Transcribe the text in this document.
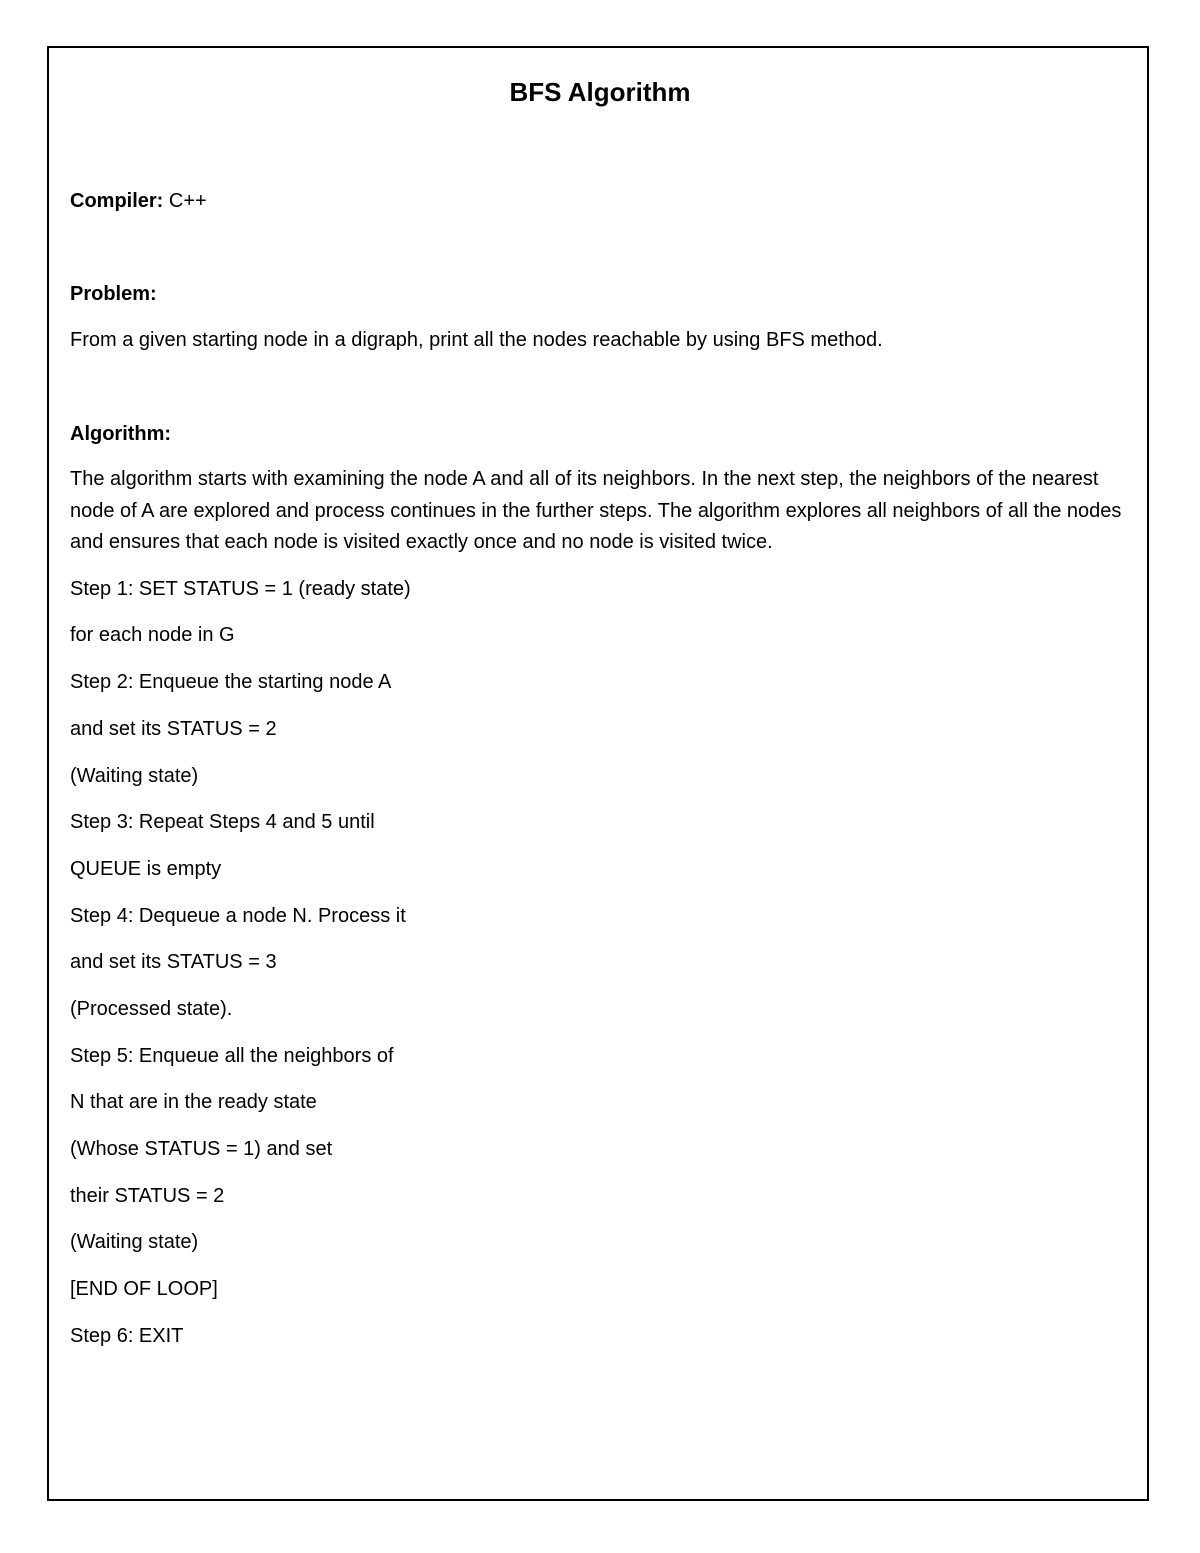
BFS Algorithm
Compiler: C++
Problem:
From a given starting node in a digraph, print all the nodes reachable by using BFS method.
Algorithm:
The algorithm starts with examining the node A and all of its neighbors. In the next step, the neighbors of the nearest node of A are explored and process continues in the further steps. The algorithm explores all neighbors of all the nodes and ensures that each node is visited exactly once and no node is visited twice.
Step 1: SET STATUS = 1 (ready state)
for each node in G
Step 2: Enqueue the starting node A
and set its STATUS = 2
(Waiting state)
Step 3: Repeat Steps 4 and 5 until
QUEUE is empty
Step 4: Dequeue a node N. Process it
and set its STATUS = 3
(Processed state).
Step 5: Enqueue all the neighbors of
N that are in the ready state
(Whose STATUS = 1) and set
their STATUS = 2
(Waiting state)
[END OF LOOP]
Step 6: EXIT
